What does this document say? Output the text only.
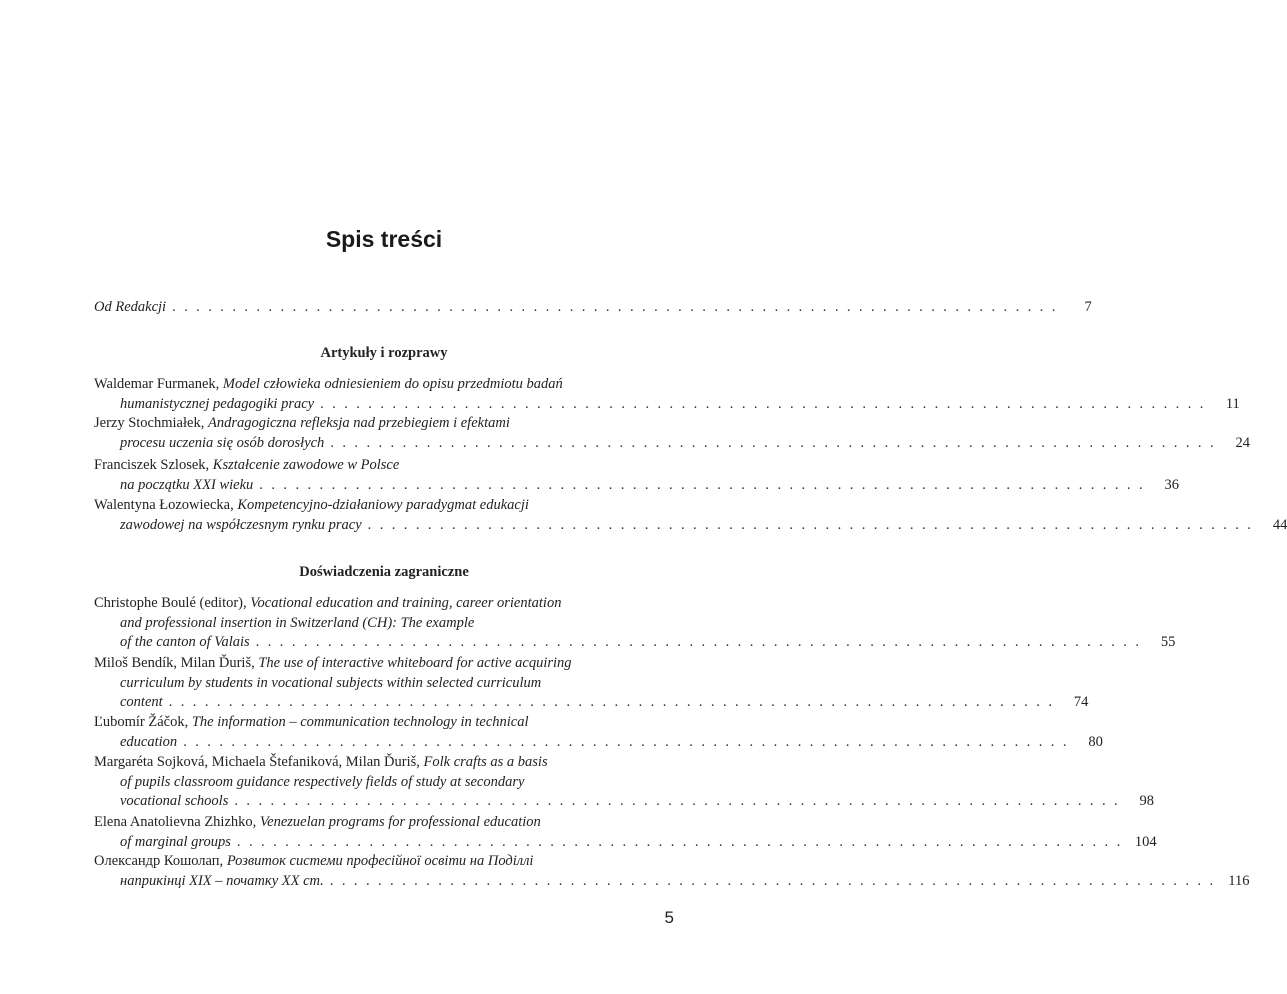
Spis treści
Od Redakcji . . . . . . . . . . . . . . . . . . . . . . . . . . . . . . . . . . . . . . . . . . . . . . . . . . . . . . . . . . . . . . . . . . . . . . . . . .	7
Artykuły i rozprawy
Waldemar Furmanek, Model człowieka odniesieniem do opisu przedmiotu badań
humanistycznej pedagogiki pracy . . . . . . . . . . . . . . . . . . . . . . . . . . . . . . . . . . . . . . . . . . . . . . . . . . . . . . . . . . . . . . . . . . . . . . . . . .	11
Jerzy Stochmiałek, Andragogiczna refleksja nad przebiegiem i efektami
procesu uczenia się osób dorosłych . . . . . . . . . . . . . . . . . . . . . . . . . . . . . . . . . . . . . . . . . . . . . . . . . . . . . . . . . . . . . . . . . . . . . . . . . .	24
Franciszek Szlosek, Kształcenie zawodowe w Polsce
na początku XXI wieku . . . . . . . . . . . . . . . . . . . . . . . . . . . . . . . . . . . . . . . . . . . . . . . . . . . . . . . . . . . . . . . . . . . . . . . . . .	36
Walentyna Łozowiecka, Kompetencyjno-działaniowy paradygmat edukacji
zawodowej na współczesnym rynku pracy . . . . . . . . . . . . . . . . . . . . . . . . . . . . . . . . . . . . . . . . . . . . . . . . . . . . . . . . . . . . . . . . . . . . . . . . . .	44
Doświadczenia zagraniczne
Christophe Boulé (editor), Vocational education and training, career orientation
and professional insertion in Switzerland (CH): The example
of the canton of Valais . . . . . . . . . . . . . . . . . . . . . . . . . . . . . . . . . . . . . . . . . . . . . . . . . . . . . . . . . . . . . . . . . . . . . . . . . .	55
Miloš Bendík, Milan Ďuriš, The use of interactive whiteboard for active acquiring
curriculum by students in vocational subjects within selected curriculum
content . . . . . . . . . . . . . . . . . . . . . . . . . . . . . . . . . . . . . . . . . . . . . . . . . . . . . . . . . . . . . . . . . . . . . . . . . .	74
Ľubomír Žáčok, The information – communication technology in technical
education . . . . . . . . . . . . . . . . . . . . . . . . . . . . . . . . . . . . . . . . . . . . . . . . . . . . . . . . . . . . . . . . . . . . . . . . . .	80
Margaréta Sojková, Michaela Štefaniková, Milan Ďuriš, Folk crafts as a basis
of pupils classroom guidance respectively fields of study at secondary
vocational schools . . . . . . . . . . . . . . . . . . . . . . . . . . . . . . . . . . . . . . . . . . . . . . . . . . . . . . . . . . . . . . . . . . . . . . . . . .	98
Elena Anatolievna Zhizhko, Venezuelan programs for professional education
of marginal groups . . . . . . . . . . . . . . . . . . . . . . . . . . . . . . . . . . . . . . . . . . . . . . . . . . . . . . . . . . . . . . . . . . . . . . . . . . 104
Олександр Кошолап, Розвиток системи професійної освіти на Поділлі
наприкінці XIX – початку XX ст. . . . . . . . . . . . . . . . . . . . . . . . . . . . . . . . . . . . . . . . . . . . . . . . . . . . . . . . . . . . . . . . . . . . . . . . . . . 116
5
